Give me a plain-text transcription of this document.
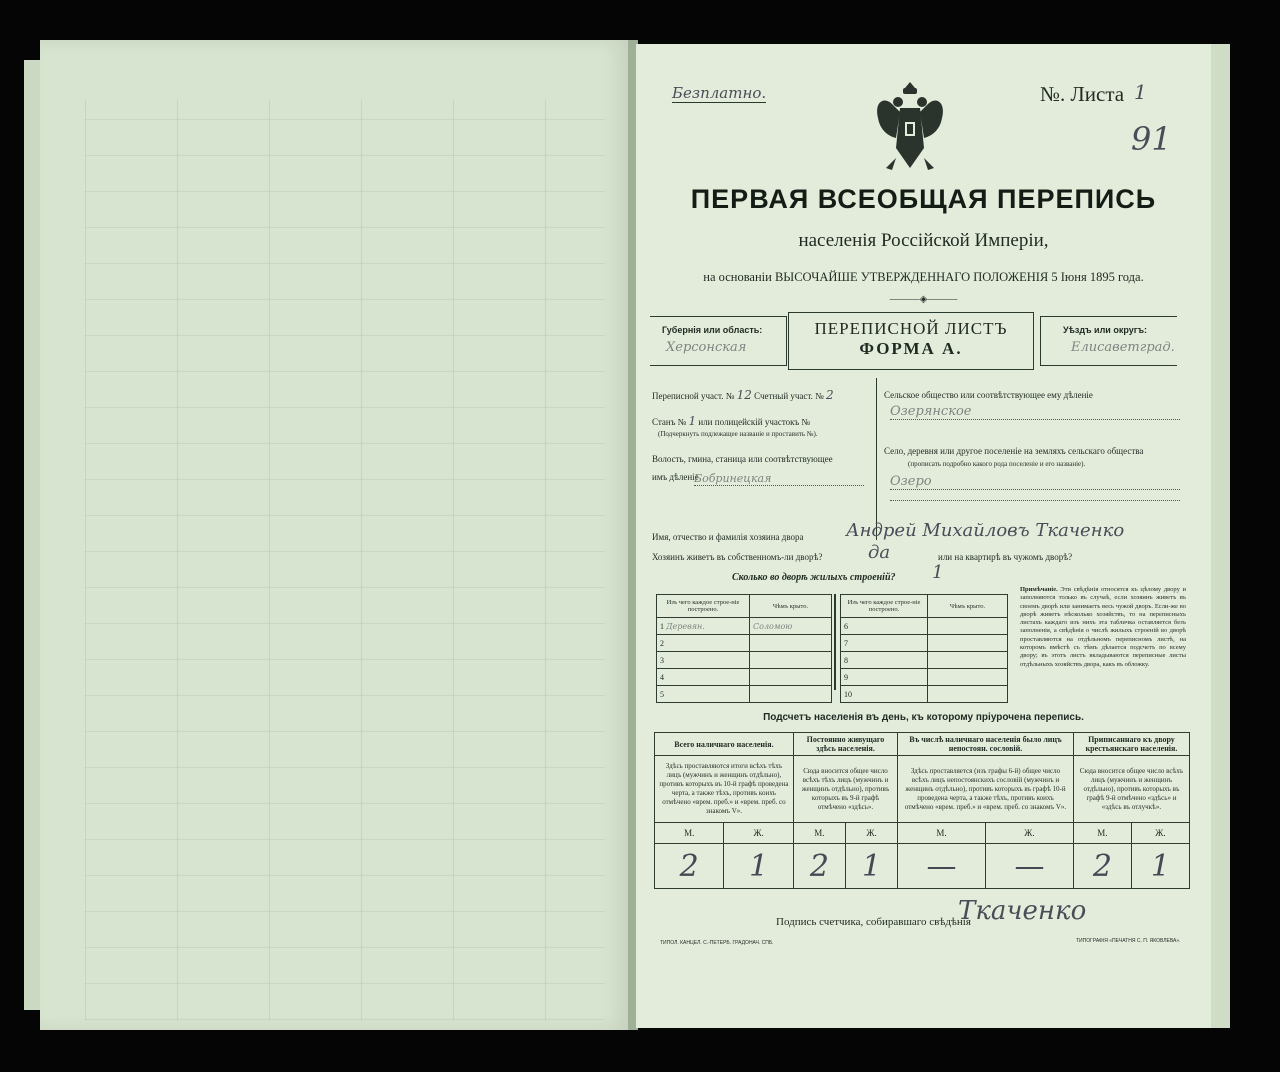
Безплатно.	№. Листа 1
91
ПЕРВАЯ ВСЕОБЩАЯ ПЕРЕПИСЬ
населенія Россійской Имперіи,
на основаніи ВЫСОЧАЙШЕ УТВЕРЖДЕННАГО ПОЛОЖЕНІЯ 5 Іюня 1895 года.
―――◈―――
Губернія или область:
Херсонская
ПЕРЕПИСНОЙ ЛИСТЪ
ФОРМА А.
Уѣздъ или округъ:
Елисаветград.
Переписной участ. № 12 Счетный участ. № 2
Станъ № 1 или полицейскій участокъ №
(Подчеркнуть подлежащее названіе и проставить №).
Волость, гмина, станица или соотвѣтствующее
имъ дѣленіе
Бобринецкая
Сельское общество или соотвѣтствующее ему дѣленіе
Озерянское
Село, деревня или другое поселеніе на земляхъ сельскаго общества
(прописать подробно какого рода поселеніе и его названіе).
Озеро
Имя, отчество и фамилія хозяина двора Андрей Михайловъ Ткаченко
Хозяинъ живетъ въ собственномъ-ли дворѣ?	да	или на квартирѣ въ чужомъ дворѣ?
Сколько во дворѣ жилыхъ строеній? 1
Изъ чего каждое строе-ніе построено.	Чѣмъ крыто.
1 Деревян.	Соломою
2	
3	
4	
5	
Изъ чего каждое строе-ніе построено.	Чѣмъ крыто.
6	
7	
8	
9	
10	
Примѣчаніе. Эти свѣдѣнія относятся къ цѣлому двору и заполняются только въ случаѣ, если хозяинъ живетъ въ своемъ дворѣ или занимаетъ весь чужой дворъ. Если-же во дворѣ живетъ нѣсколько хозяйствъ, то на переписныхъ листахъ каждаго изъ нихъ эта табличка оставляется безъ заполненія, а свѣдѣнія о числѣ жилыхъ строеній во дворѣ проставляются на отдѣльномъ переписномъ листѣ, на которомъ вмѣстѣ съ тѣмъ дѣлается подсчетъ по всему двору; въ этотъ листъ вкладываются переписные листы отдѣльныхъ хозяйствъ двора, какъ въ обложку.
Подсчетъ населенія въ день, къ которому пріурочена перепись.
Всего наличнаго населенія.		Постоянно живущаго здѣсь населенія.		Въ числѣ наличнаго населенія было лицъ непостоян. сословій.		Приписаннаго къ двору крестьянскаго населенія.	
Здѣсь проставляются итоги всѣхъ тѣхъ лицъ (мужчинъ и женщинъ отдѣльно), противъ которыхъ въ 10-й графѣ проведена черта, а также тѣхъ, противъ коихъ отмѣчено «врем. преб.» и «врем. преб. со знакомъ V».		Сюда вносится общее число всѣхъ тѣхъ лицъ (мужчинъ и женщинъ отдѣльно), противъ которыхъ въ 9-й графѣ отмѣчено «здѣсь».		Здѣсь проставляется (изъ графы 6-й) общее число всѣхъ лицъ непостоянскихъ сословій (мужчинъ и женщинъ отдѣльно), противъ которыхъ въ графѣ 10-й проведена черта, а также тѣхъ, противъ коихъ отмѣчено «врем. преб.» и «врем. преб. со знакомъ V».		Сюда вносится общее число всѣхъ лицъ (мужчинъ и женщинъ отдѣльно), противъ которыхъ въ графѣ 9-й отмѣчено «здѣсь» и «здѣсь въ отлучкѣ».	
М.	Ж.	М.	Ж.	М.	Ж.	М.	Ж.
2	1	2	1	—	—	2	1
Подпись счетчика, собиравшаго свѣдѣнія
Ткаченко
ТИПОЛ. КАНЦЕЛ. С.-ПЕТЕРБ. ГРАДОНАЧ. СПБ.	ТИПОГРАФІЯ «ПЕЧАТНЯ С. П. ЯКОВЛЕВА».
